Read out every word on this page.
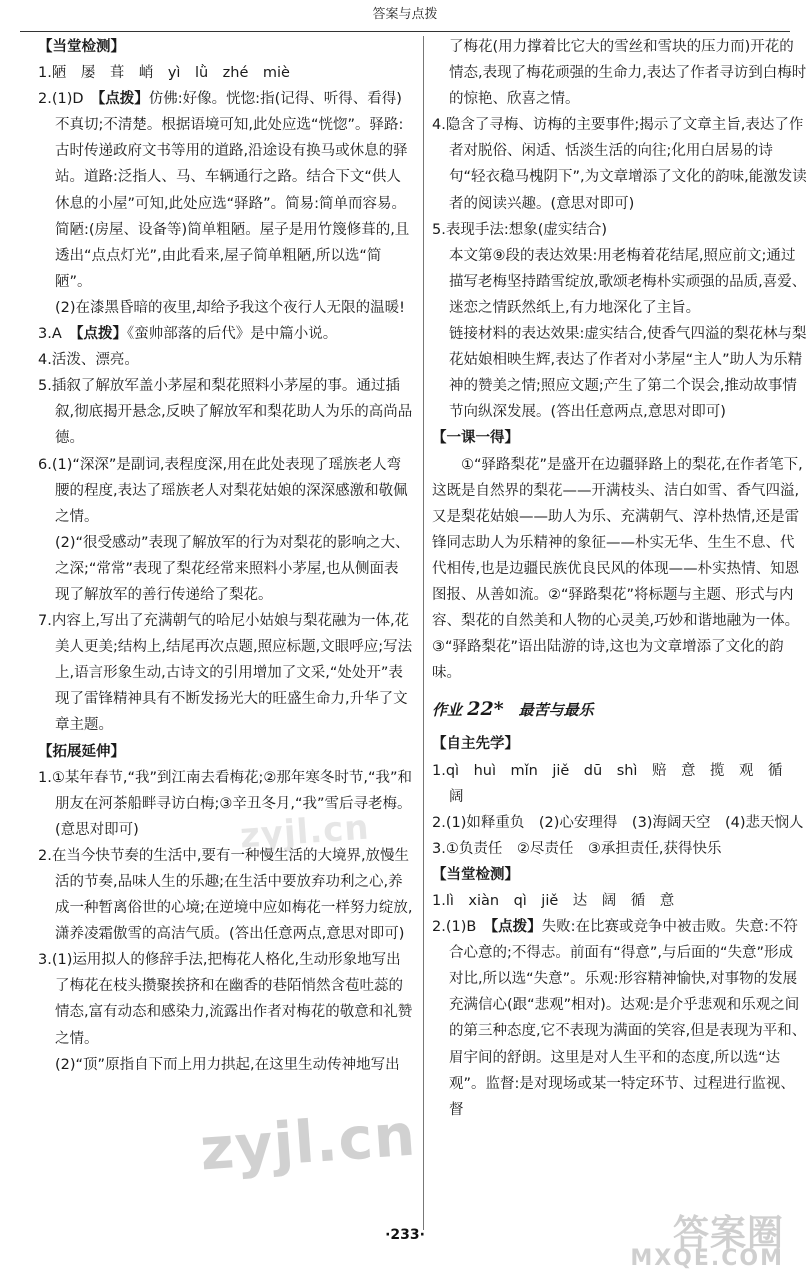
答案与点拨
【当堂检测】
1.陋　屡　葺　峭　yì　lǜ　zhé　miè
2.(1)D　【点拨】仿佛:好像。恍惚:指(记得、听得、看得)不真切;不清楚。根据语境可知,此处应选“恍惚”。驿路:古时传递政府文书等用的道路,沿途设有换马或休息的驿站。道路:泛指人、马、车辆通行之路。结合下文“供人休息的小屋”可知,此处应选“驿路”。简易:简单而容易。简陋:(房屋、设备等)简单粗陋。屋子是用竹篾修葺的,且透出“点点灯光”,由此看来,屋子简单粗陋,所以选“简陋”。
(2)在漆黑昏暗的夜里,却给予我这个夜行人无限的温暖!
3.A　【点拨】《蛮帅部落的后代》是中篇小说。
4.活泼、漂亮。
5.插叙了解放军盖小茅屋和梨花照料小茅屋的事。通过插叙,彻底揭开悬念,反映了解放军和梨花助人为乐的高尚品德。
6.(1)“深深”是副词,表程度深,用在此处表现了瑶族老人弯腰的程度,表达了瑶族老人对梨花姑娘的深深感激和敬佩之情。
(2)“很受感动”表现了解放军的行为对梨花的影响之大、之深;“常常”表现了梨花经常来照料小茅屋,也从侧面表现了解放军的善行传递给了梨花。
7.内容上,写出了充满朝气的哈尼小姑娘与梨花融为一体,花美人更美;结构上,结尾再次点题,照应标题,文眼呼应;写法上,语言形象生动,古诗文的引用增加了文采,“处处开”表现了雷锋精神具有不断发扬光大的旺盛生命力,升华了文章主题。
【拓展延伸】
1.①某年春节,“我”到江南去看梅花;②那年寒冬时节,“我”和朋友在河茶船畔寻访白梅;③辛丑冬月,“我”雪后寻老梅。(意思对即可)
2.在当今快节奏的生活中,要有一种慢生活的大境界,放慢生活的节奏,品味人生的乐趣;在生活中要放弃功利之心,养成一种暂离俗世的心境;在逆境中应如梅花一样努力绽放,潇养凌霜傲雪的高洁气质。(答出任意两点,意思对即可)
3.(1)运用拟人的修辞手法,把梅花人格化,生动形象地写出了梅花在枝头攒聚挨挤和在幽香的巷陌悄然含苞吐蕊的情态,富有动态和感染力,流露出作者对梅花的敬意和礼赞之情。
(2)“顶”原指自下而上用力拱起,在这里生动传神地写出
了梅花(用力撑着比它大的雪丝和雪块的压力而)开花的情态,表现了梅花顽强的生命力,表达了作者寻访到白梅时的惊艳、欣喜之情。
4.隐含了寻梅、访梅的主要事件;揭示了文章主旨,表达了作者对脱俗、闲适、恬淡生活的向往;化用白居易的诗句“轻衣稳马槐阴下”,为文章增添了文化的韵味,能激发读者的阅读兴趣。(意思对即可)
5.表现手法:想象(虚实结合)
本文第⑨段的表达效果:用老梅着花结尾,照应前文;通过描写老梅坚持踏雪绽放,歌颂老梅朴实顽强的品质,喜爱、迷恋之情跃然纸上,有力地深化了主旨。
链接材料的表达效果:虚实结合,使香气四溢的梨花林与梨花姑娘相映生辉,表达了作者对小茅屋“主人”助人为乐精神的赞美之情;照应文题;产生了第二个误会,推动故事情节向纵深发展。(答出任意两点,意思对即可)
【一课一得】
①“驿路梨花”是盛开在边疆驿路上的梨花,在作者笔下,这既是自然界的梨花——开满枝头、洁白如雪、香气四溢,又是梨花姑娘——助人为乐、充满朝气、淳朴热情,还是雷锋同志助人为乐精神的象征——朴实无华、生生不息、代代相传,也是边疆民族优良民风的体现——朴实热情、知恩图报、从善如流。②“驿路梨花”将标题与主题、形式与内容、梨花的自然美和人物的心灵美,巧妙和谐地融为一体。③“驿路梨花”语出陆游的诗,这也为文章增添了文化的韵味。
作业 22*　 最苦与最乐
【自主先学】
1.qì　huì　mǐn　jiě　dū　shì　赔　意　揽　观　循　阔
2.(1)如释重负　(2)心安理得　(3)海阔天空　(4)悲天悯人
3.①负责任　②尽责任　③承担责任,获得快乐
【当堂检测】
1.lì　xiàn　qì　jiě　达　阔　循　意
2.(1)B　【点拨】失败:在比赛或竞争中被击败。失意:不符合心意的;不得志。前面有“得意”,与后面的“失意”形成对比,所以选“失意”。乐观:形容精神愉快,对事物的发展充满信心(跟“悲观”相对)。达观:是介乎悲观和乐观之间的第三种态度,它不表现为满面的笑容,但是表现为平和、眉宇间的舒朗。这里是对人生平和的态度,所以选“达观”。监督:是对现场或某一特定环节、过程进行监视、督
·233·
zyjl.cn
zyjl.cn
答案圈
MXQE.COM
